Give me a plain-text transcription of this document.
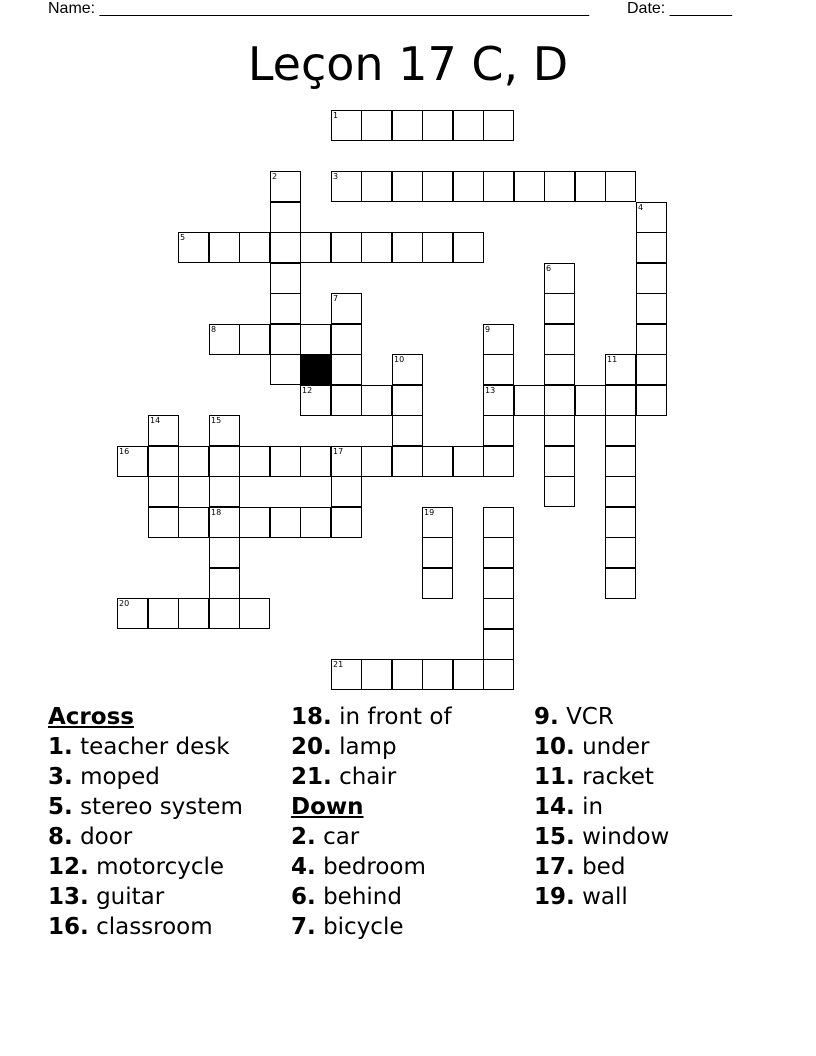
Name: _______________________________________________________ Date: _______
Leçon 17 C, D
1
2	3
4
5
6
7
8	9
10	11
12	13
14	15
16	17
18	19
20
21
Across
1. teacher desk
3. moped
5. stereo system
8. door
12. motorcycle
13. guitar
16. classroom
18. in front of
20. lamp
21. chair
Down
2. car
4. bedroom
6. behind
7. bicycle
9. VCR
10. under
11. racket
14. in
15. window
17. bed
19. wall
